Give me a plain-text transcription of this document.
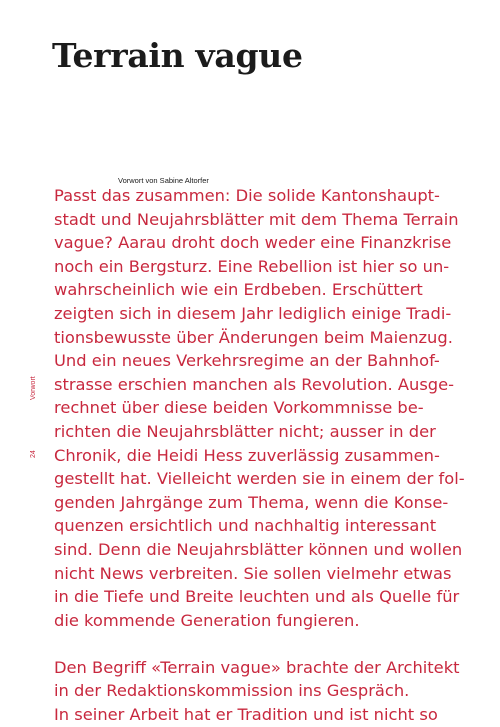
Terrain vague
Vorwort von Sabine Altorfer
Vorwort
24
Passt das zusammen: Die solide Kantonshaupt-
stadt und Neujahrsblätter mit dem Thema Terrain
vague? Aarau droht doch weder eine Finanzkrise
noch ein Bergsturz. Eine Rebellion ist hier so un-
wahrscheinlich wie ein Erdbeben. Erschüttert
zeigten sich in diesem Jahr lediglich einige Tradi-
tionsbewusste über Änderungen beim Maienzug.
Und ein neues Verkehrsregime an der Bahnhof-
strasse erschien manchen als Revolution. Ausge-
rechnet über diese beiden Vorkommnisse be-
richten die Neujahrsblätter nicht; ausser in der
Chronik, die Heidi Hess zuverlässig zusammen-
gestellt hat. Vielleicht werden sie in einem der fol-
genden Jahrgänge zum Thema, wenn die Konse-
quenzen ersichtlich und nachhaltig interessant
sind. Denn die Neujahrsblätter können und wollen
nicht News verbreiten. Sie sollen vielmehr etwas
in die Tiefe und Breite leuchten und als Quelle für
die kommende Generation fungieren.
Den Begriff «Terrain vague» brachte der Architekt
in der Redaktionskommission ins Gespräch.
In seiner Arbeit hat er Tradition und ist nicht so
